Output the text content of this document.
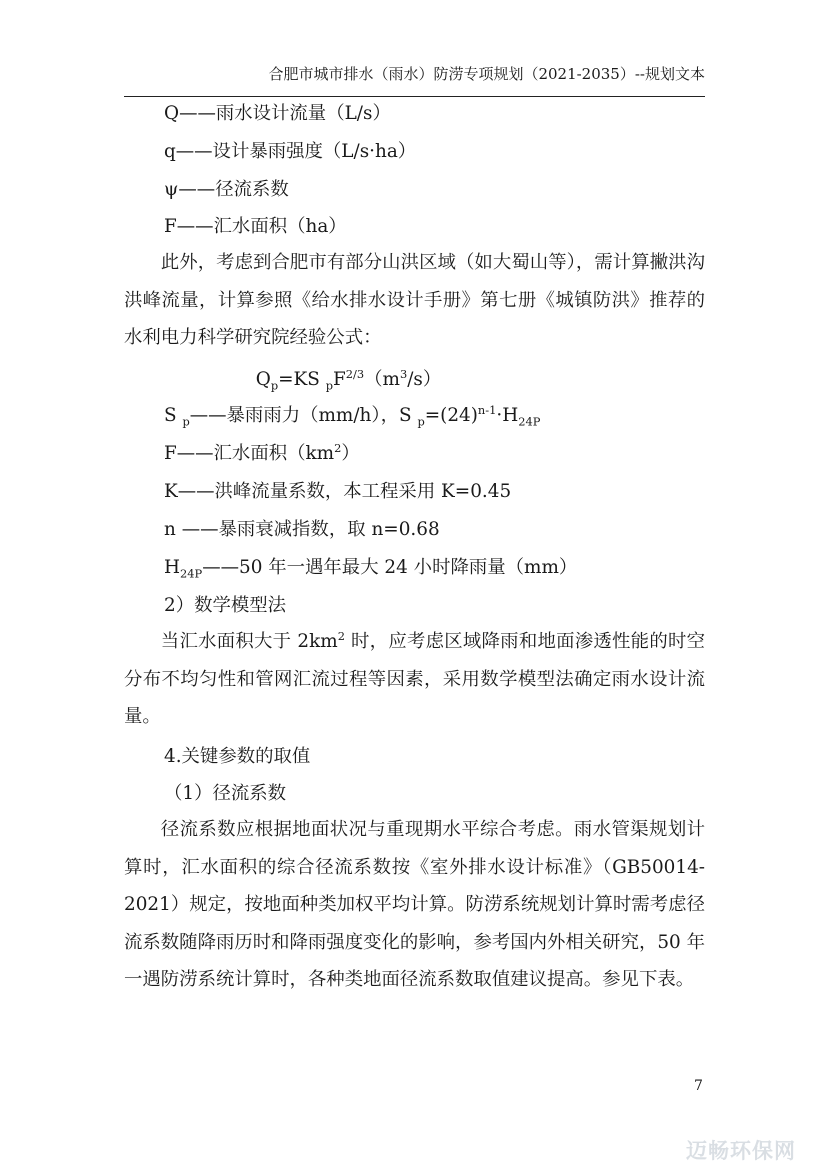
合肥市城市排水（雨水）防涝专项规划（2021-2035）--规划文本
Q——雨水设计流量（L/s）
q——设计暴雨强度（L/s·ha）
ψ——径流系数
F——汇水面积（ha）
此外，考虑到合肥市有部分山洪区域（如大蜀山等），需计算撇洪沟洪峰流量，计算参照《给水排水设计手册》第七册《城镇防洪》推荐的水利电力科学研究院经验公式：
$Q_p=KS$ $_pF^{2/3}(m^3/s)$
S $_p$——暴雨雨力（mm/h），S $_p=(24)^{n-1}\cdot H_{24P}$
F——汇水面积$(km^2)$
K——洪峰流量系数，本工程采用 K=0.45
n ——暴雨衰减指数，取 n=0.68
$H_{24P}——50$ 年一遇年最大 24 小时降雨量（mm）
2）数学模型法
当汇水面积大于 $2km^2$ 时，应考虑区域降雨和地面渗透性能的时空分布不均匀性和管网汇流过程等因素，采用数学模型法确定雨水设计流量。
4.关键参数的取值
（1）径流系数
径流系数应根据地面状况与重现期水平综合考虑。雨水管渠规划计算时，汇水面积的综合径流系数按《室外排水设计标准》（GB50014-2021）规定，按地面种类加权平均计算。防涝系统规划计算时需考虑径流系数随降雨历时和降雨强度变化的影响，参考国内外相关研究，50 年一遇防涝系统计算时，各种类地面径流系数取值建议提高。参见下表。
7
迈畅环保网
